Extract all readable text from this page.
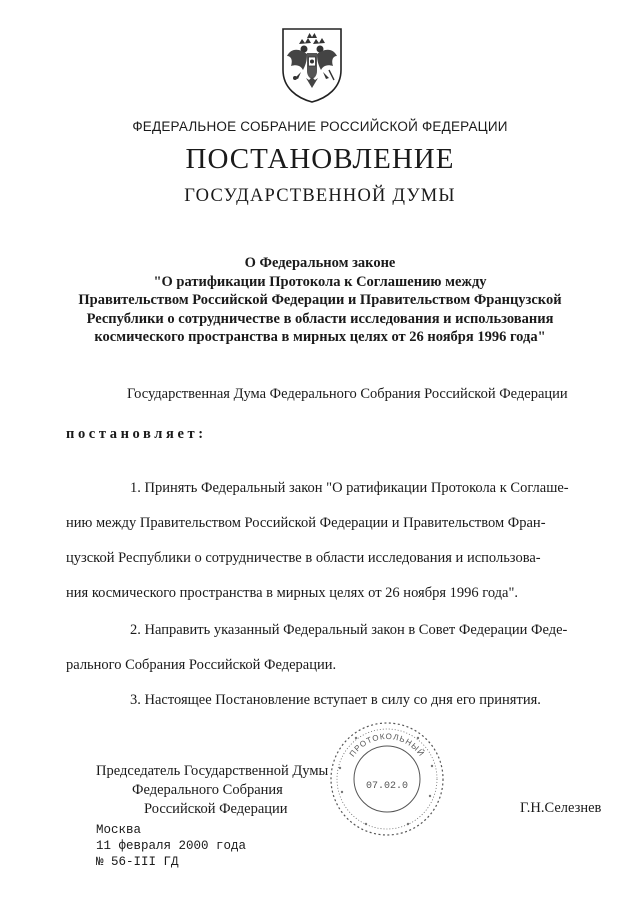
ФЕДЕРАЛЬНОЕ СОБРАНИЕ РОССИЙСКОЙ ФЕДЕРАЦИИ
ПОСТАНОВЛЕНИЕ
ГОСУДАРСТВЕННОЙ ДУМЫ
О Федеральном законе
"О ратификации Протокола к Соглашению между
Правительством Российской Федерации и Правительством Французской
Республики о сотрудничестве в области исследования и использования
космического пространства в мирных целях от 26 ноября 1996 года"
Государственная Дума Федерального Собрания Российской Федерации
постановляет:
1. Принять Федеральный закон "О ратификации Протокола к Соглаше-
нию между Правительством Российской Федерации и Правительством Фран-
цузской Республики о сотрудничестве в области исследования и использова-
ния космического пространства в мирных целях от 26 ноября 1996 года".
2. Направить указанный Федеральный закон в Совет Федерации Феде-
рального Собрания Российской Федерации.
3. Настоящее Постановление вступает в силу со дня его принятия.
ПРОТОКОЛЬНЫЙ
07.02.0
Председатель Государственной Думы
Федерального Собрания
Российской Федерации	Г.Н.Селезнев
Москва
11 февраля 2000 года
№ 56-III ГД
